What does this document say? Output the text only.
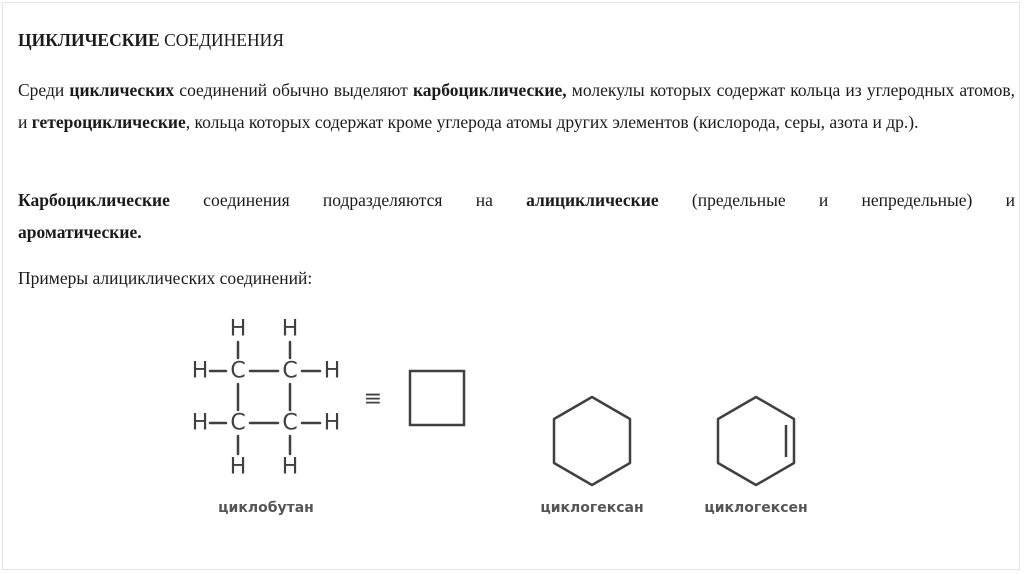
ЦИКЛИЧЕСКИЕ СОЕДИНЕНИЯ
Среди циклических соединений обычно выделяют карбоциклические, молекулы которых содержат кольца из углеродных атомов, и гетероциклические, кольца которых содержат кроме углерода атомы других элементов (кислорода, серы, азота и др.).
Карбоциклические соединения подразделяются на алициклические (предельные и непредельные) и
ароматические.
Примеры алициклических соединений:
H H
H	H
H	H
H H
C C
C C
≡
циклобутан	циклогексан	циклогексен
